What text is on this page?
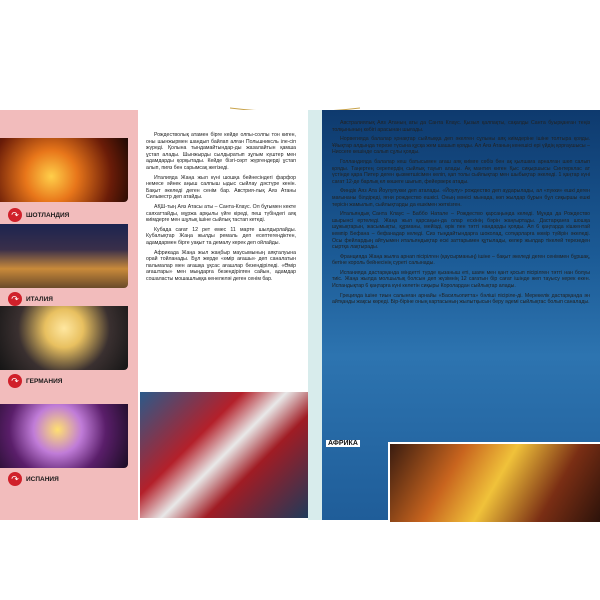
↷	ШОТЛАНДИЯ
↷	ИТАЛИЯ
↷	ГЕРМАНИЯ
↷	ИСПАНИЯ

Рождестволық атамен бірге кейде олпы-солпы тон киген, оны шынжырмен шандып байлап алған Польшниксль іле-сіп жүреді. Қолына тындамайтындар-ды жазалайтын қамша ұстап алады. Шынжырды сылдыратып зұлым күштер мен адамдарды қорқытады. Кейде бізгі-сөрт жүргендерді ұстап алып, пияз бен сарымсақ жегізеді.

Италияда Жаңа жыл күні шошқа бейнесіндегі фарфор немесе әйнек аңыш салпыш ыдыс сыйлау дәстүре кенін. Бақыт әкеледі деген сенім бар. Австрия-лық Аяз Атаны Сильвестр деп атайды.

АҚШ-тың Аяз Атасы аты – Санта-Клаус. Ол бұғымен кекте саяхаттайды, мұржа арқылы үйге кіреді, пеш түбіндегі аяқ киімдерге мен шұлық ішіне сыйлық тастап кетеді.

Кубада сағат 12 рет емес 11 марте шылдырлайды. Кубалықтар Жаңа жылды ремаль деп есептегендіктен, адамдармен бірге уақыт та демалу керек деп ойлайды.

Африкада Жаңа жыл жаңбыр маусымының аяқталуына орай тойланады. Бұл жерде «өмір ағашы» деп саналатын пальмалар мен ағашқа ұқсас ағашлар безендіріледі. «Өмір ағаштары» мен мыңдарға безендірілген сайын, адамдар сошаласты мошашлыққа кенелеләі деген сенім бар.

Австралиялық Аяз Атаның аты да Санта Клаус. Қызыл қалпақты, сақалды Санта буырқанған теңіз толқынының көбігі арасынан шығады.

Норвегияда балалар қонақтар сыйлыққа деп әкелген сұлыны аяқ киімдеріне ішіне толтыра қояды. Ұйықтар алдында терезе түсына құсқа жем шашып қояды. Ал Аяз Атаның кенешісі ері үйдің қорғаушысы – Ниссеге кешінде салып сұлы қояды.

Голландияда балалар кеш батысымен ағаш аяқ киімге сөбіз бен ақ қылшаға арналған шөп салып қояды. Таңертең серепердің сыйлық тауып алады. Ақ мантия киген Қыс сиқыршысы Синтерклас ат үстінде қара Питер деген қызметшісімен келіп, қап толы сыйлықтар мен шыбықтар әкеледі. 1 қаңтар күні сағат 12-де барлық ел көшеге шығып, фейерверк атады.

Финдік Аяз Ата Йоулупукки деп аталады. «Йоулу» рождество деп аударылады, ал «пукки» ешкі деген мағынаны білдіреді, яғни рождество ешкісі. Оның мәнісі мынада, көп жылдар бұрын бұл сиқыршы ешкі терісін жамылып, сыйлықтарды да ешкімен жеткізген.

Итальяндық Санта Клаус – Баббо Натале – Рождество қарсаңында келеді. Мұнда да Рождество шырынсі ертеледі. Жаңа жыл қарсаңын-да олар ескінің бәрін жаңғыртады. Дастарқанға шошқа шұжықтарын, жасымықты, құрманы, мейізді, өрік пен тәтті нандарды қояды. Ал 6 қаңтарда кішкентай кемпір Бефана – бефанадар келеді. Сиз тыңдайтындарға шоколад, сотқарларға көмір түйірін әкеледі. Осы фейлардың айтуымен итальяндықтар ескі заттарымен құтылады, келер жылдар тікелей терезеден сыртқа лақтырады.

Францияда Жаңа жылға арнап пісірілген (қаусырманың) ішіне – бақыт әкеледі деген сеніммен бұршақ, бетіне король бейнесінің суреті салынады.

Испанияда дастарқанда міндетті турде қызаныш еті, шаян мен қант қосып пісірілген тәтті нан болуы тиіс. Жаңа жылда молшылық болсын деп жүзімнің 12 сағатын бір сағат ішінде жеп тауысу керек екен. Испандықтар 6 қаңтарға күні келетін сиқыры Королардан сыйлықтар алады.

Грецияда ішіне тиын салынған арнайы «Васильопитта» бәліші пісіріле-ді. Мерекелік дастарқанда ән айтқанды жақсы көреді. Бір-біріне оның картасының жылытқысын беру әдемі сыйлықтас болып саналады.

АФРИКА
